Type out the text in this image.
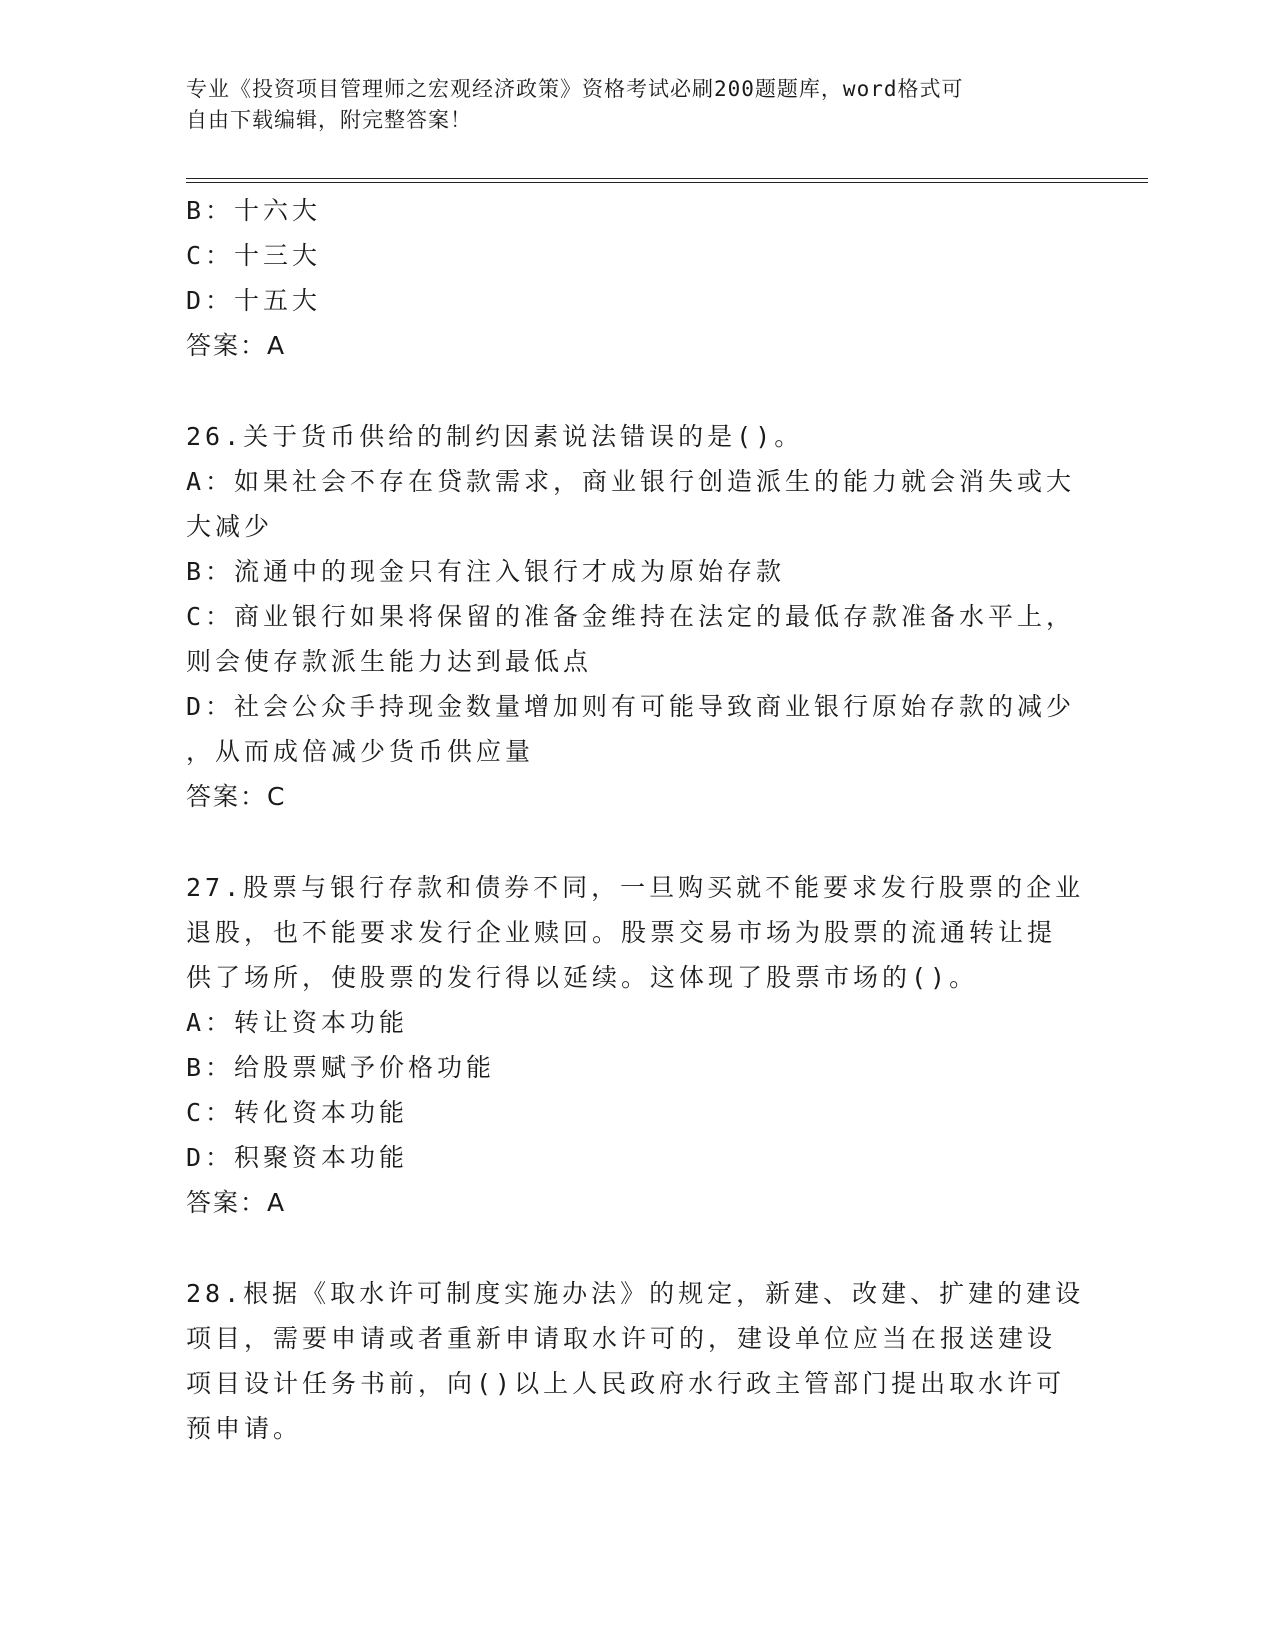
专业《投资项目管理师之宏观经济政策》资格考试必刷200题题库，word格式可
自由下载编辑，附完整答案！
B：十六大
C：十三大
D：十五大
答案：A
26.关于货币供给的制约因素说法错误的是()。
A：如果社会不存在贷款需求，商业银行创造派生的能力就会消失或大
大减少
B：流通中的现金只有注入银行才成为原始存款
C：商业银行如果将保留的准备金维持在法定的最低存款准备水平上，
则会使存款派生能力达到最低点
D：社会公众手持现金数量增加则有可能导致商业银行原始存款的减少
，从而成倍减少货币供应量
答案：C
27.股票与银行存款和债券不同，一旦购买就不能要求发行股票的企业
退股，也不能要求发行企业赎回。股票交易市场为股票的流通转让提
供了场所，使股票的发行得以延续。这体现了股票市场的()。
A：转让资本功能
B：给股票赋予价格功能
C：转化资本功能
D：积聚资本功能
答案：A
28.根据《取水许可制度实施办法》的规定，新建、改建、扩建的建设
项目，需要申请或者重新申请取水许可的，建设单位应当在报送建设
项目设计任务书前，向()以上人民政府水行政主管部门提出取水许可
预申请。
